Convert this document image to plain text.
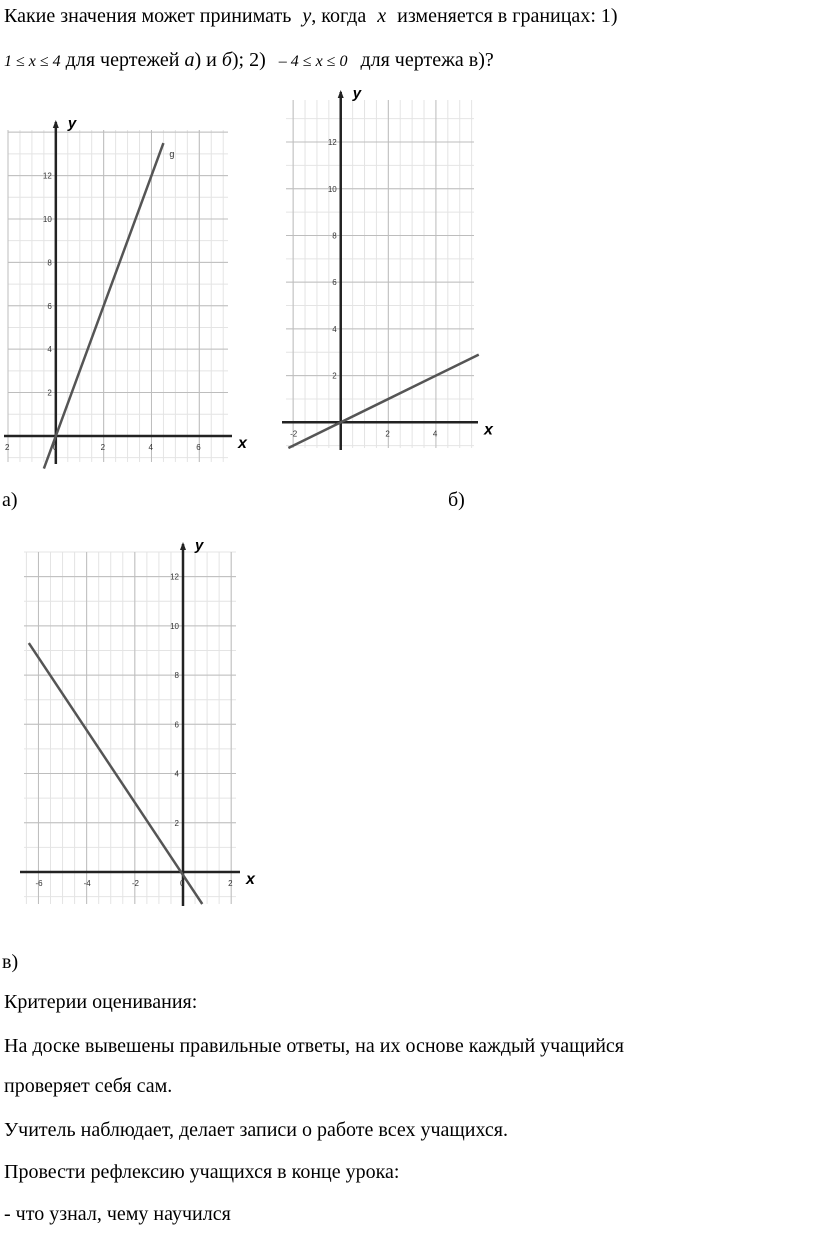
Какие значения может принимать y, когда x изменяется в границах: 1)
1 ≤ x ≤ 4 для чертежей а) и б); 2) – 4 ≤ x ≤ 0 для чертежа в)?
y
x
2	0	2	4	6
2
4
6
8
10
12
g
y
x
-2	2	4
2
4
6
8
10
12
а)	б)
y
x
-6	-4	-2	0	2
2
4
6
8
10
12
в)
Критерии оценивания:
На доске вывешены правильные ответы, на их основе каждый учащийся
проверяет себя сам.
Учитель наблюдает, делает записи о работе всех учащихся.
Провести рефлексию учащихся в конце урока:
- что узнал, чему научился
